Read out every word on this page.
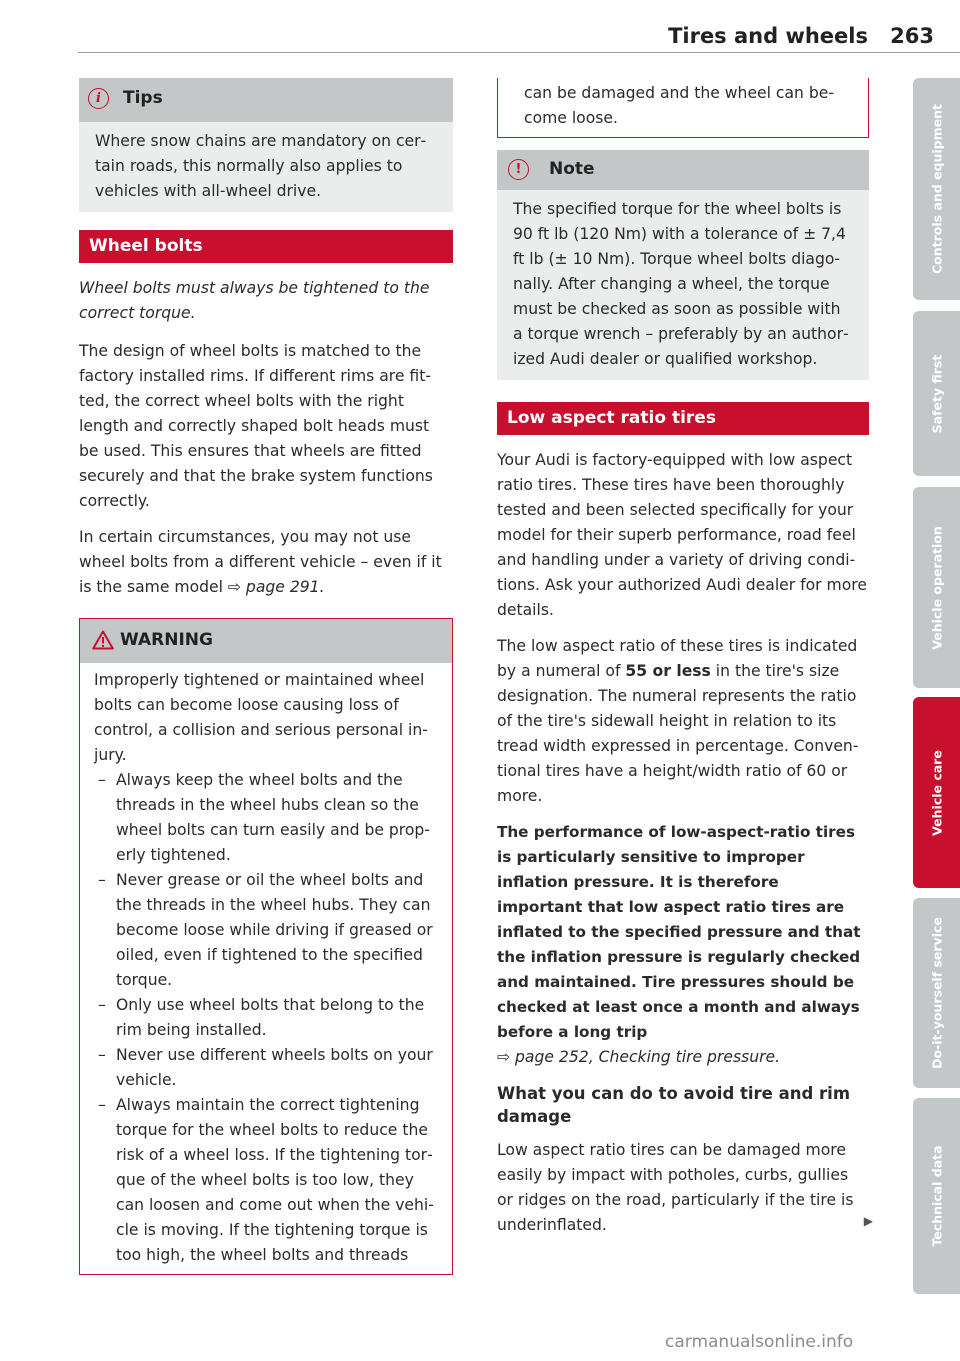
Tires and wheels 263
i	Tips
Where snow chains are mandatory on certain roads, this normally also applies to vehicles with all-wheel drive.
Wheel bolts

Wheel bolts must always be tightened to the correct torque.

The design of wheel bolts is matched to the factory installed rims. If different rims are fitted, the correct wheel bolts with the right length and correctly shaped bolt heads must be used. This ensures that wheels are fitted securely and that the brake system functions correctly.

In certain circumstances, you may not use wheel bolts from a different vehicle – even if it is the same model ⇨ page 291.

WARNING
Improperly tightened or maintained wheel bolts can become loose causing loss of control, a collision and serious personal injury.
– Always keep the wheel bolts and the threads in the wheel hubs clean so the wheel bolts can turn easily and be properly tightened.
– Never grease or oil the wheel bolts and the threads in the wheel hubs. They can become loose while driving if greased or oiled, even if tightened to the specified torque.
– Only use wheel bolts that belong to the rim being installed.
– Never use different wheels bolts on your vehicle.
– Always maintain the correct tightening torque for the wheel bolts to reduce the risk of a wheel loss. If the tightening torque of the wheel bolts is too low, they can loosen and come out when the vehicle is moving. If the tightening torque is too high, the wheel bolts and threads
can be damaged and the wheel can become loose.
!	Note
The specified torque for the wheel bolts is 90 ft lb (120 Nm) with a tolerance of ± 7,4 ft lb (± 10 Nm). Torque wheel bolts diagonally. After changing a wheel, the torque must be checked as soon as possible with a torque wrench – preferably by an authorized Audi dealer or qualified workshop.
Low aspect ratio tires

Your Audi is factory-equipped with low aspect ratio tires. These tires have been thoroughly tested and been selected specifically for your model for their superb performance, road feel and handling under a variety of driving conditions. Ask your authorized Audi dealer for more details.

The low aspect ratio of these tires is indicated by a numeral of 55 or less in the tire's size designation. The numeral represents the ratio of the tire's sidewall height in relation to its tread width expressed in percentage. Conventional tires have a height/width ratio of 60 or more.

The performance of low-aspect-ratio tires is particularly sensitive to improper inflation pressure. It is therefore important that low aspect ratio tires are inflated to the specified pressure and that the inflation pressure is regularly checked and maintained. Tire pressures should be checked at least once a month and always before a long trip

⇨ page 252, Checking tire pressure.

What you can do to avoid tire and rim damage

Low aspect ratio tires can be damaged more easily by impact with potholes, curbs, gullies or ridges on the road, particularly if the tire is underinflated.	▶

Controls and equipment
Safety first
Vehicle operation
Vehicle care
Do-it-yourself service
Technical data
carmanualsonline.info
